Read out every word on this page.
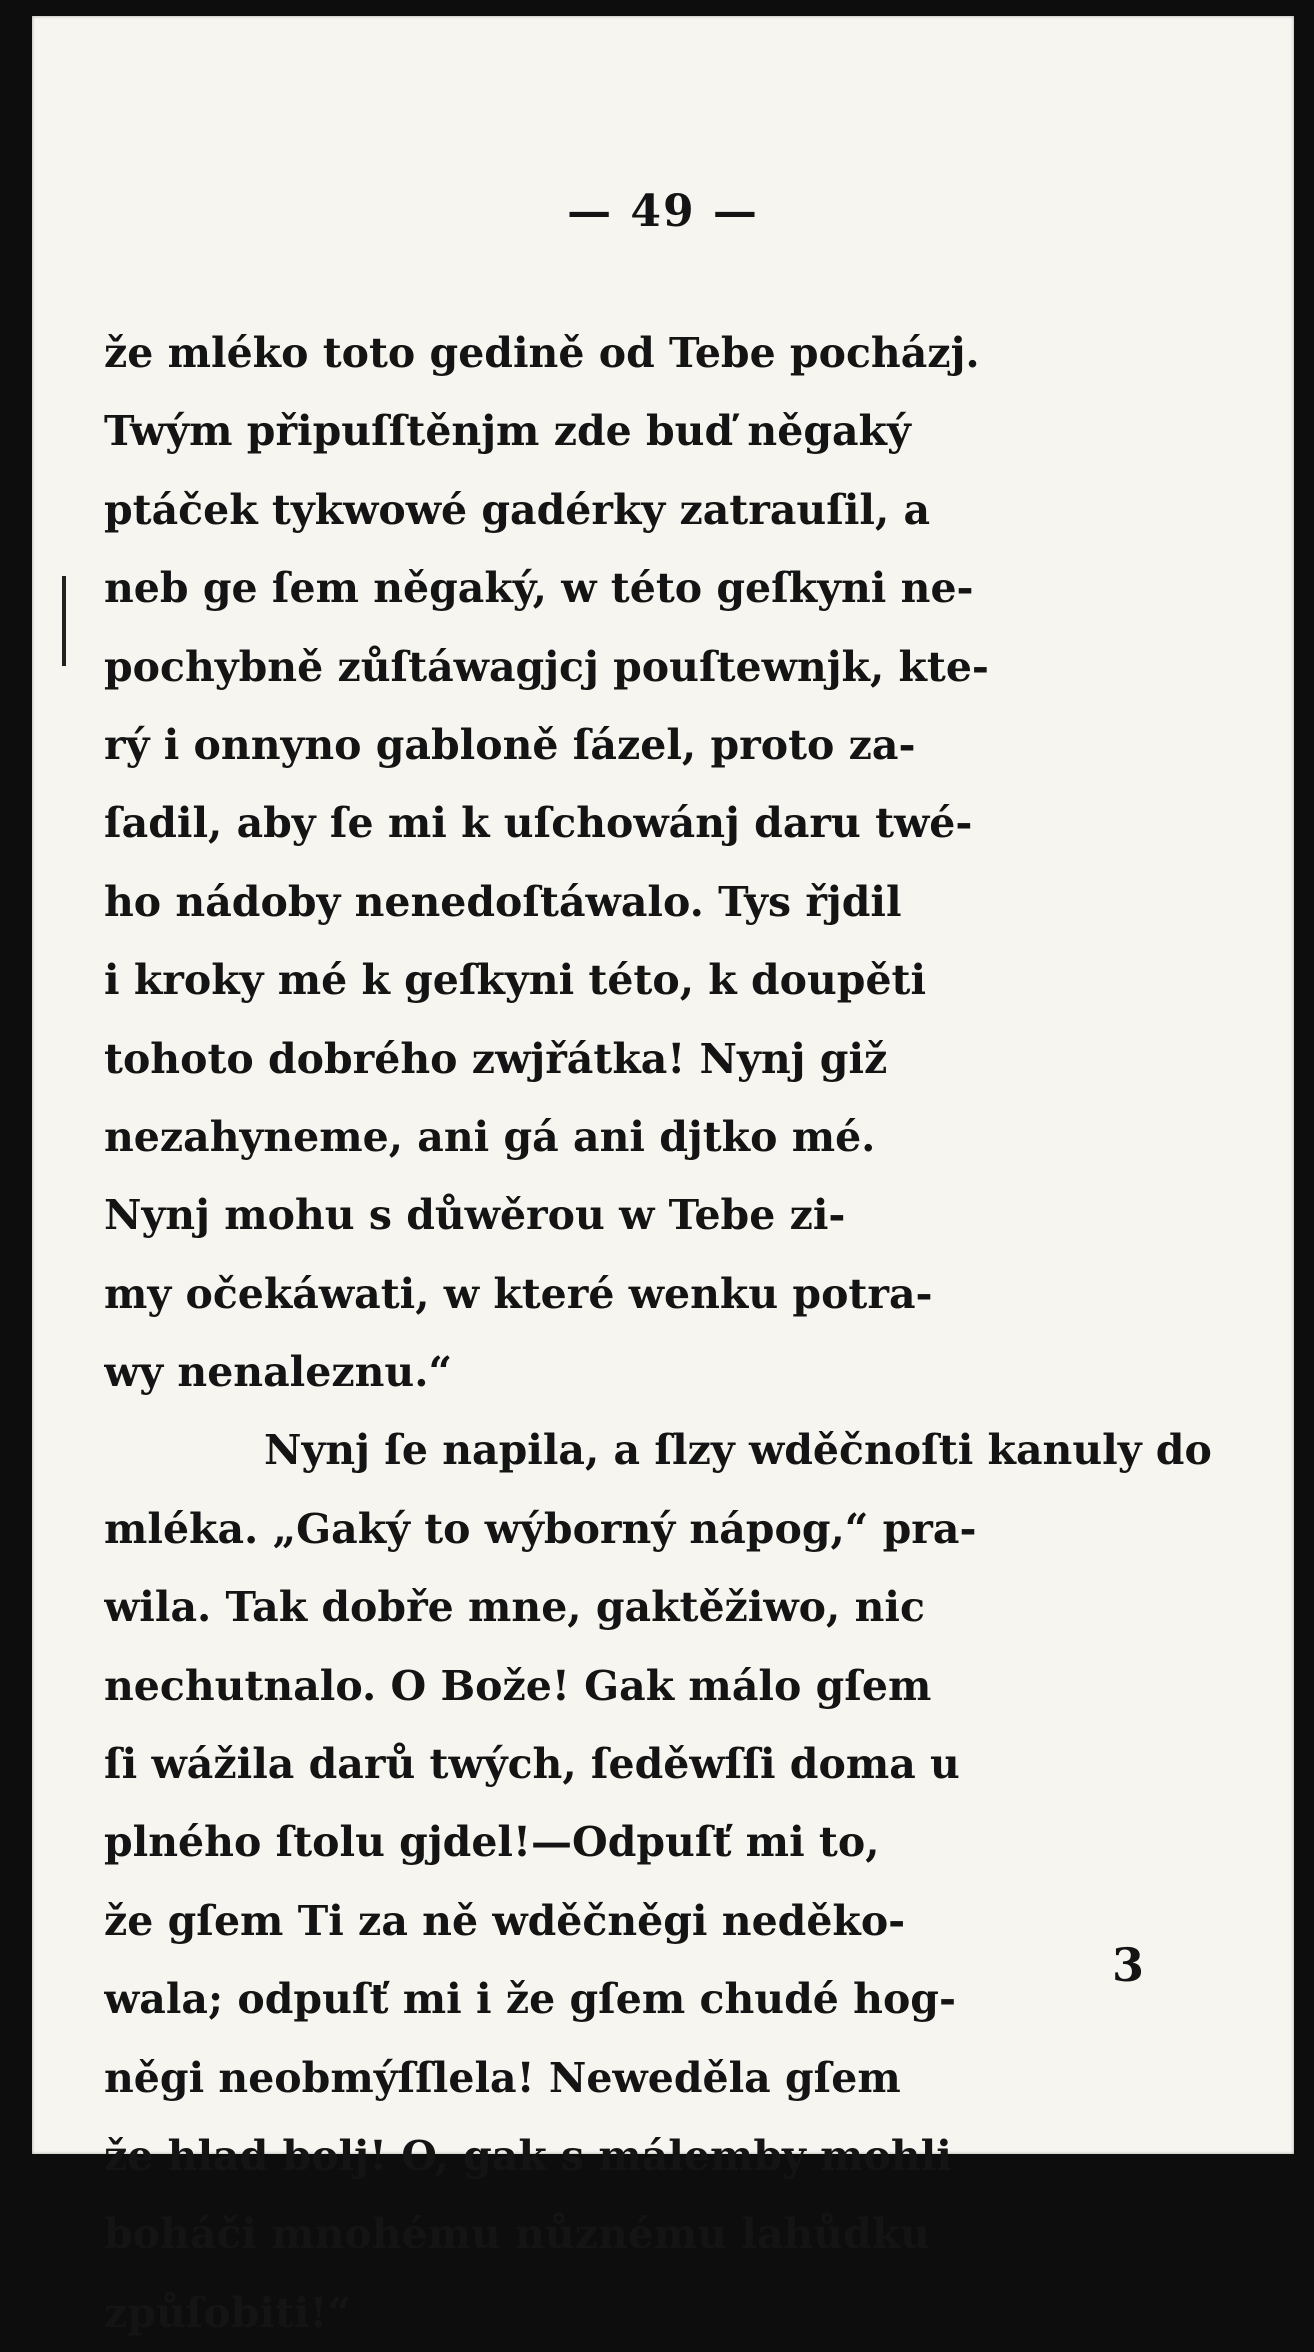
— 49 —
že mléko toto gedině od Tebe pocházj.
Twým připuſſtěnjm zde buď něgaký
ptáček tykwowé gadérky zatrauſil, a
neb ge ſem něgaký, w této geſkyni ne-
pochybně zůſtáwagjcj pouſtewnjk, kte-
rý i onnyno gabloně ſázel, proto za-
ſadil, aby ſe mi k uſchowánj daru twé-
ho nádoby nenedoſtáwalo. Tys řjdil
i kroky mé k geſkyni této, k doupěti
tohoto dobrého zwjřátka! Nynj giž
nezahyneme, ani gá ani djtko mé.
Nynj mohu s důwěrou w Tebe zi-
my očekáwati, w které wenku potra-
wy nenaleznu.“
Nynj ſe napila, a ſlzy wděčnoſti kanuly do
mléka. „Gaký to wýborný nápog,“ pra-
wila. Tak dobře mne, gaktěžiwo, nic
nechutnalo. O Bože! Gak málo gſem
ſi wážila darů twých, ſeděwſſi doma u
plného ſtolu gjdel!—Odpuſť mi to,
že gſem Ti za ně wděčněgi neděko-
wala; odpuſť mi i že gſem chudé hog-
něgi neobmýſſlela! Neweděla gſem
že hlad bolj! O, gak s málemby mohli
boháči mnohému nůznému lahůdku
způſobiti!“
3
